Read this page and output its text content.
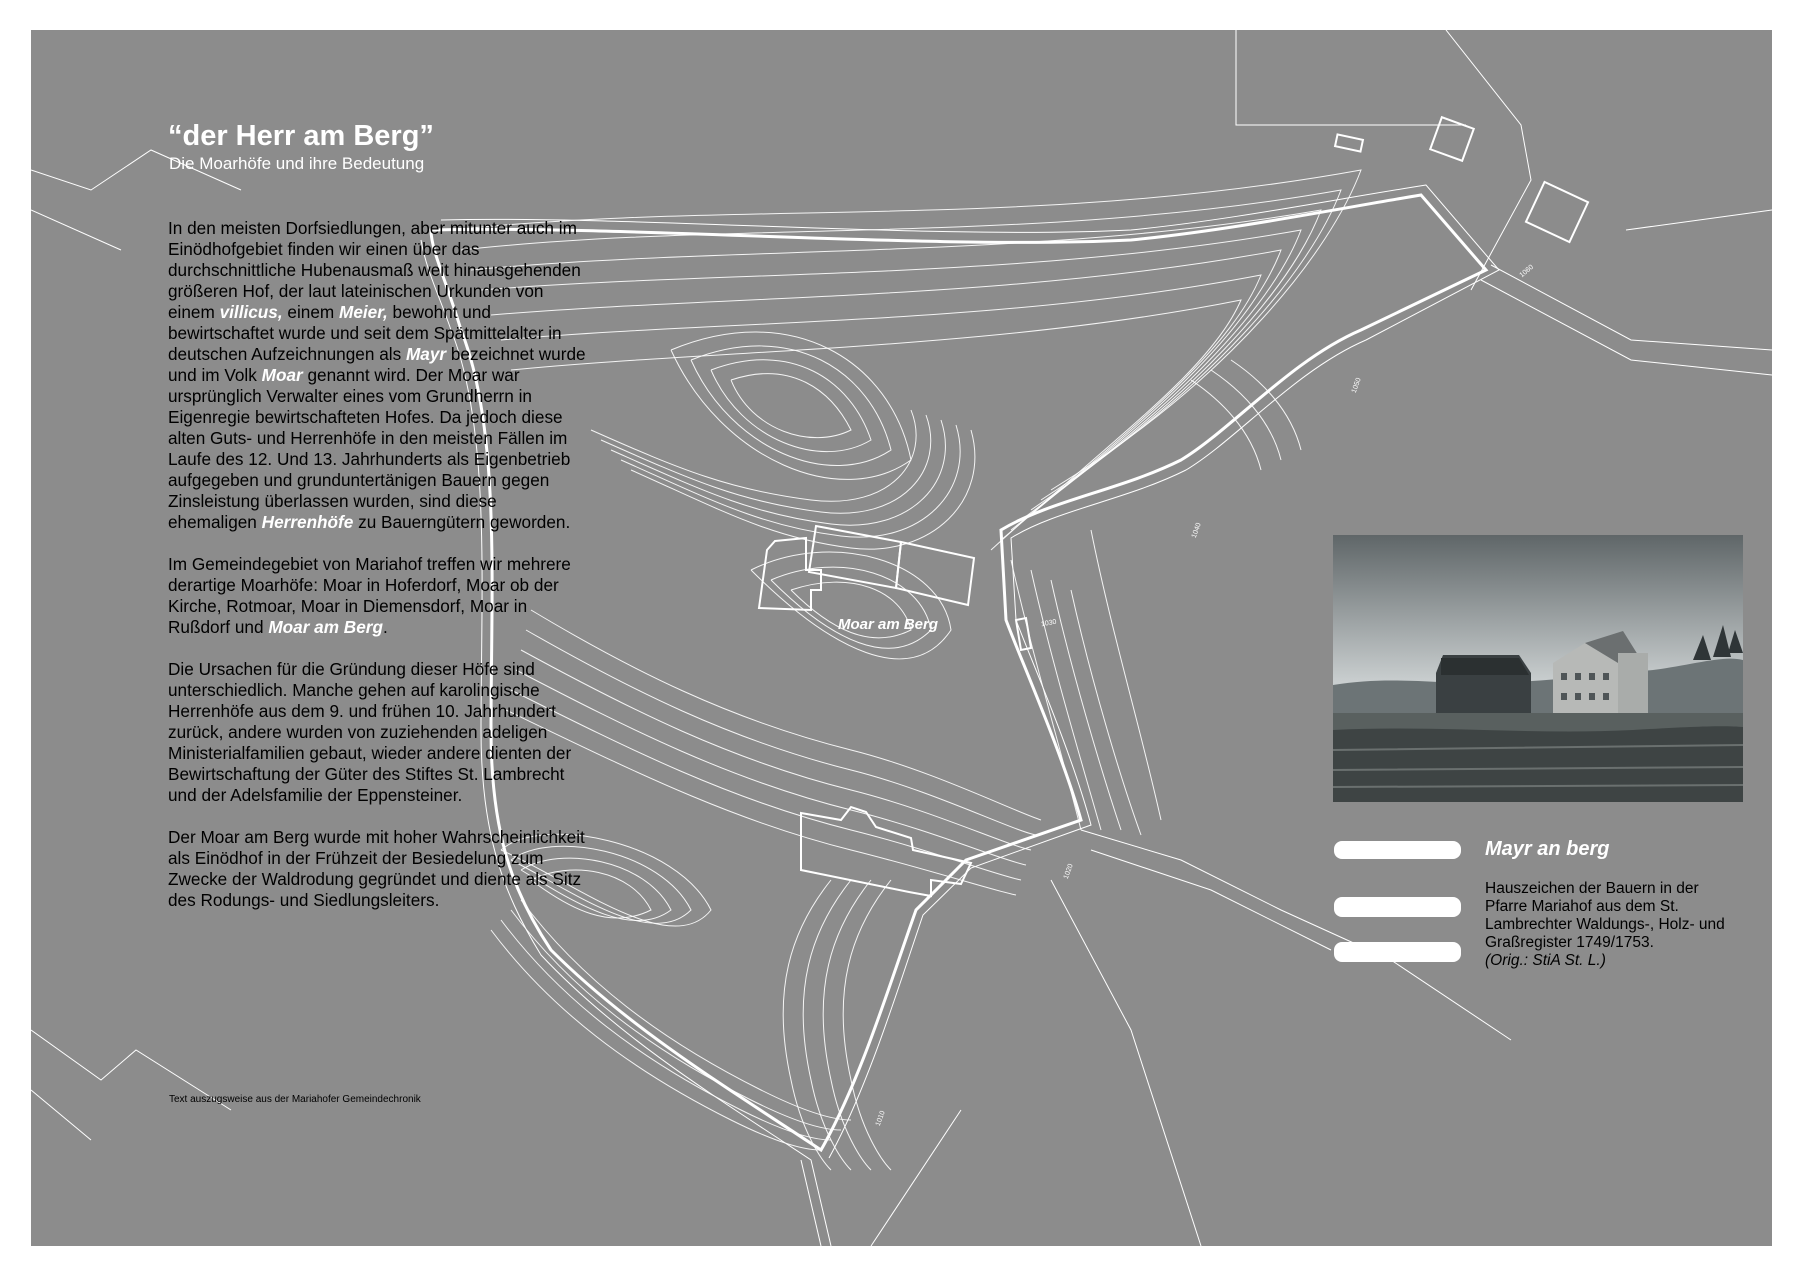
1060
1050
1040
1030
1020
1010
Moar am Berg
“der Herr am Berg”
Die Moarhöfe und ihre Bedeutung

In den meisten Dorfsiedlungen, aber mitunter auch im Einödhofgebiet finden wir einen über das durchschnittliche Hubenausmaß weit hinausgehenden größeren Hof, der laut lateinischen Urkunden von einem villicus, einem Meier, bewohnt und bewirtschaftet wurde und seit dem Spätmittelalter in deutschen Aufzeichnungen als Mayr bezeichnet wurde und im Volk Moar genannt wird. Der Moar war ursprünglich Verwalter eines vom Grundherrn in Eigenregie bewirtschafteten Hofes. Da jedoch diese alten Guts- und Herrenhöfe in den meisten Fällen im Laufe des 12. Und 13. Jahrhunderts als Eigenbetrieb aufgegeben und grunduntertänigen Bauern gegen Zinsleistung überlassen wurden, sind diese ehemaligen Herrenhöfe zu Bauerngütern geworden.

Im Gemeindegebiet von Mariahof treffen wir mehrere derartige Moarhöfe: Moar in Hoferdorf, Moar ob der Kirche, Rotmoar, Moar in Diemensdorf, Moar in Rußdorf und Moar am Berg.

Die Ursachen für die Gründung dieser Höfe sind unterschiedlich. Manche gehen auf karolingische Herrenhöfe aus dem 9. und frühen 10. Jahrhundert zurück, andere wurden von zuziehenden adeligen Ministerialfamilien gebaut, wieder andere dienten der Bewirtschaftung der Güter des Stiftes St. Lambrecht und der Adelsfamilie der Eppensteiner.

Der Moar am Berg wurde mit hoher Wahrscheinlichkeit als Einödhof in der Frühzeit der Besiedelung zum Zwecke der Waldrodung gegründet und diente als Sitz des Rodungs- und Siedlungsleiters.

Text auszugsweise aus der Mariahofer Gemeindechronik
Mayr an berg
Hauszeichen der Bauern in der
Pfarre Mariahof aus dem St.
Lambrechter Waldungs-, Holz- und
Graßregister 1749/1753.
(Orig.: StiA St. L.)
